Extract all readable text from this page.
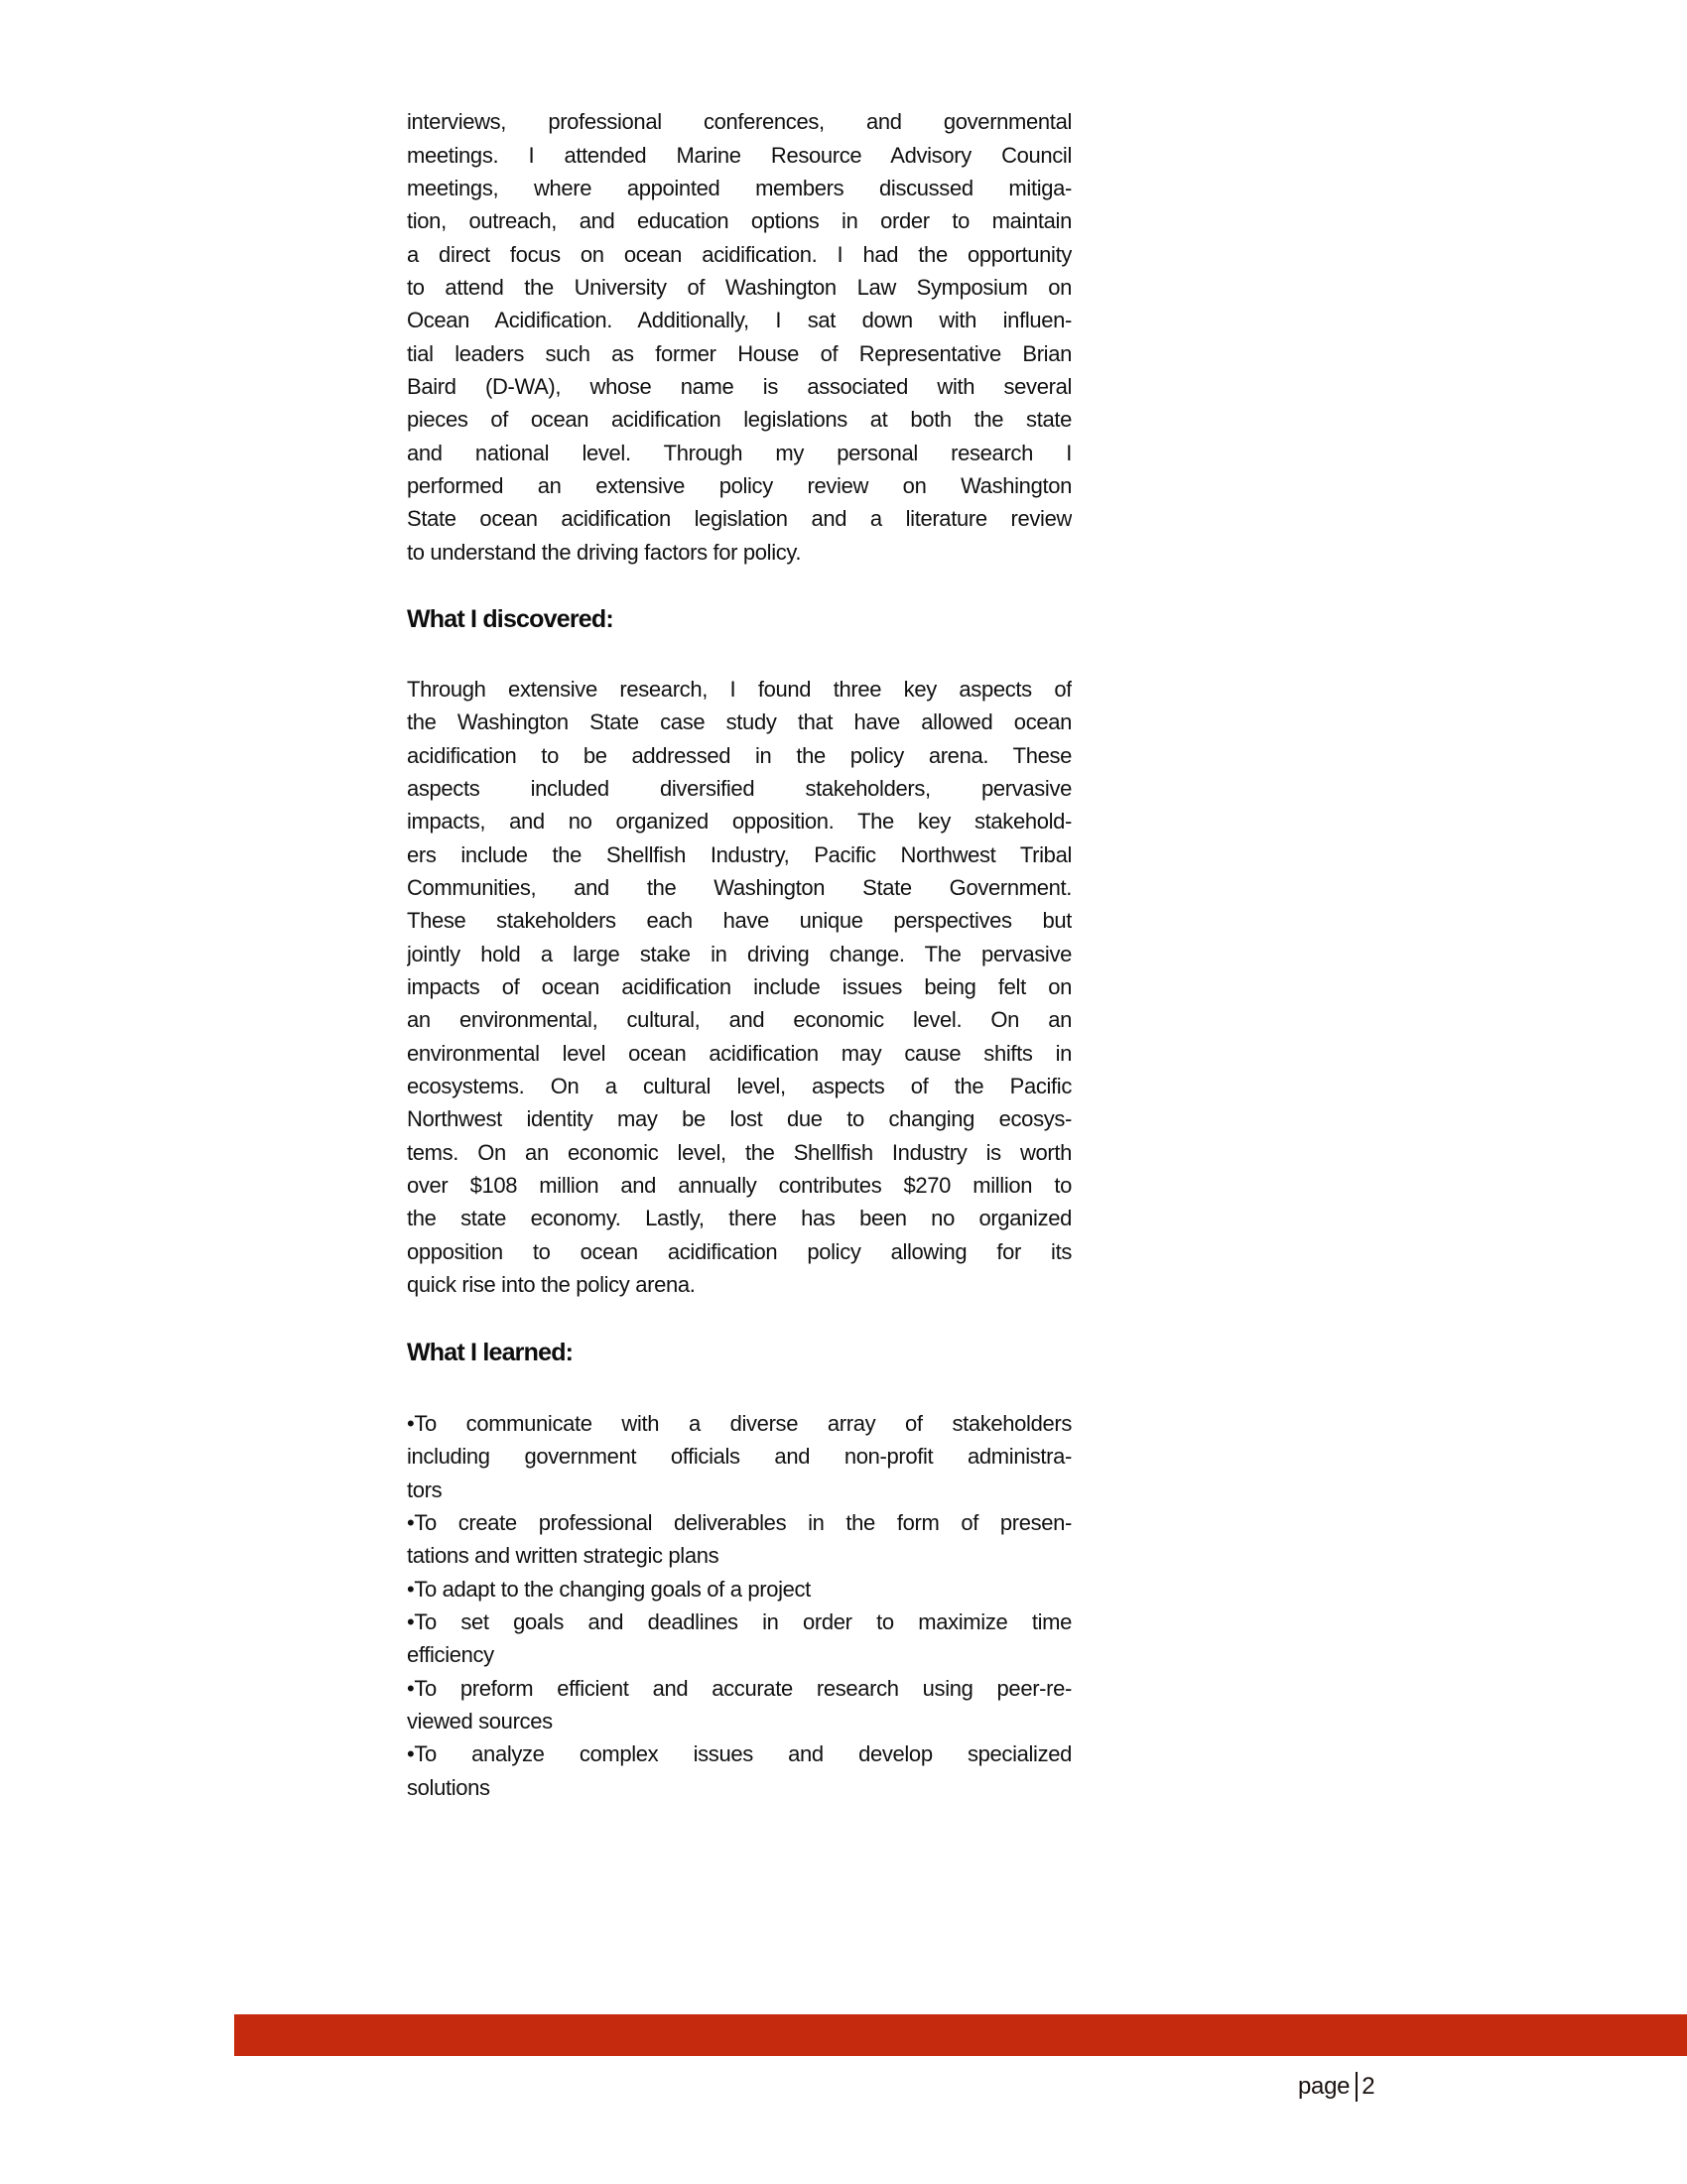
interviews, professional conferences, and governmental
meetings. I attended Marine Resource Advisory Council
meetings, where appointed members discussed mitiga-
tion, outreach, and education options in order to maintain
a direct focus on ocean acidification. I had the opportunity
to attend the University of Washington Law Symposium on
Ocean Acidification. Additionally, I sat down with influen-
tial leaders such as former House of Representative Brian
Baird (D-WA), whose name is associated with several
pieces of ocean acidification legislations at both the state
and national level. Through my personal research I
performed an extensive policy review on Washington
State ocean acidification legislation and a literature review
to understand the driving factors for policy.
What I discovered:
Through extensive research, I found three key aspects of
the Washington State case study that have allowed ocean
acidification to be addressed in the policy arena. These
aspects included diversified stakeholders, pervasive
impacts, and no organized opposition. The key stakehold-
ers include the Shellfish Industry, Pacific Northwest Tribal
Communities, and the Washington State Government.
These stakeholders each have unique perspectives but
jointly hold a large stake in driving change. The pervasive
impacts of ocean acidification include issues being felt on
an environmental, cultural, and economic level. On an
environmental level ocean acidification may cause shifts in
ecosystems. On a cultural level, aspects of the Pacific
Northwest identity may be lost due to changing ecosys-
tems. On an economic level, the Shellfish Industry is worth
over $108 million and annually contributes $270 million to
the state economy. Lastly, there has been no organized
opposition to ocean acidification policy allowing for its
quick rise into the policy arena.
What I learned:
•To communicate with a diverse array of stakeholders
including government officials and non-profit administra-
tors
•To create professional deliverables in the form of presen-
tations and written strategic plans
•To adapt to the changing goals of a project
•To set goals and deadlines in order to maximize time
efficiency
•To preform efficient and accurate research using peer-re-
viewed sources
•To analyze complex issues and develop specialized
solutions
page 2
